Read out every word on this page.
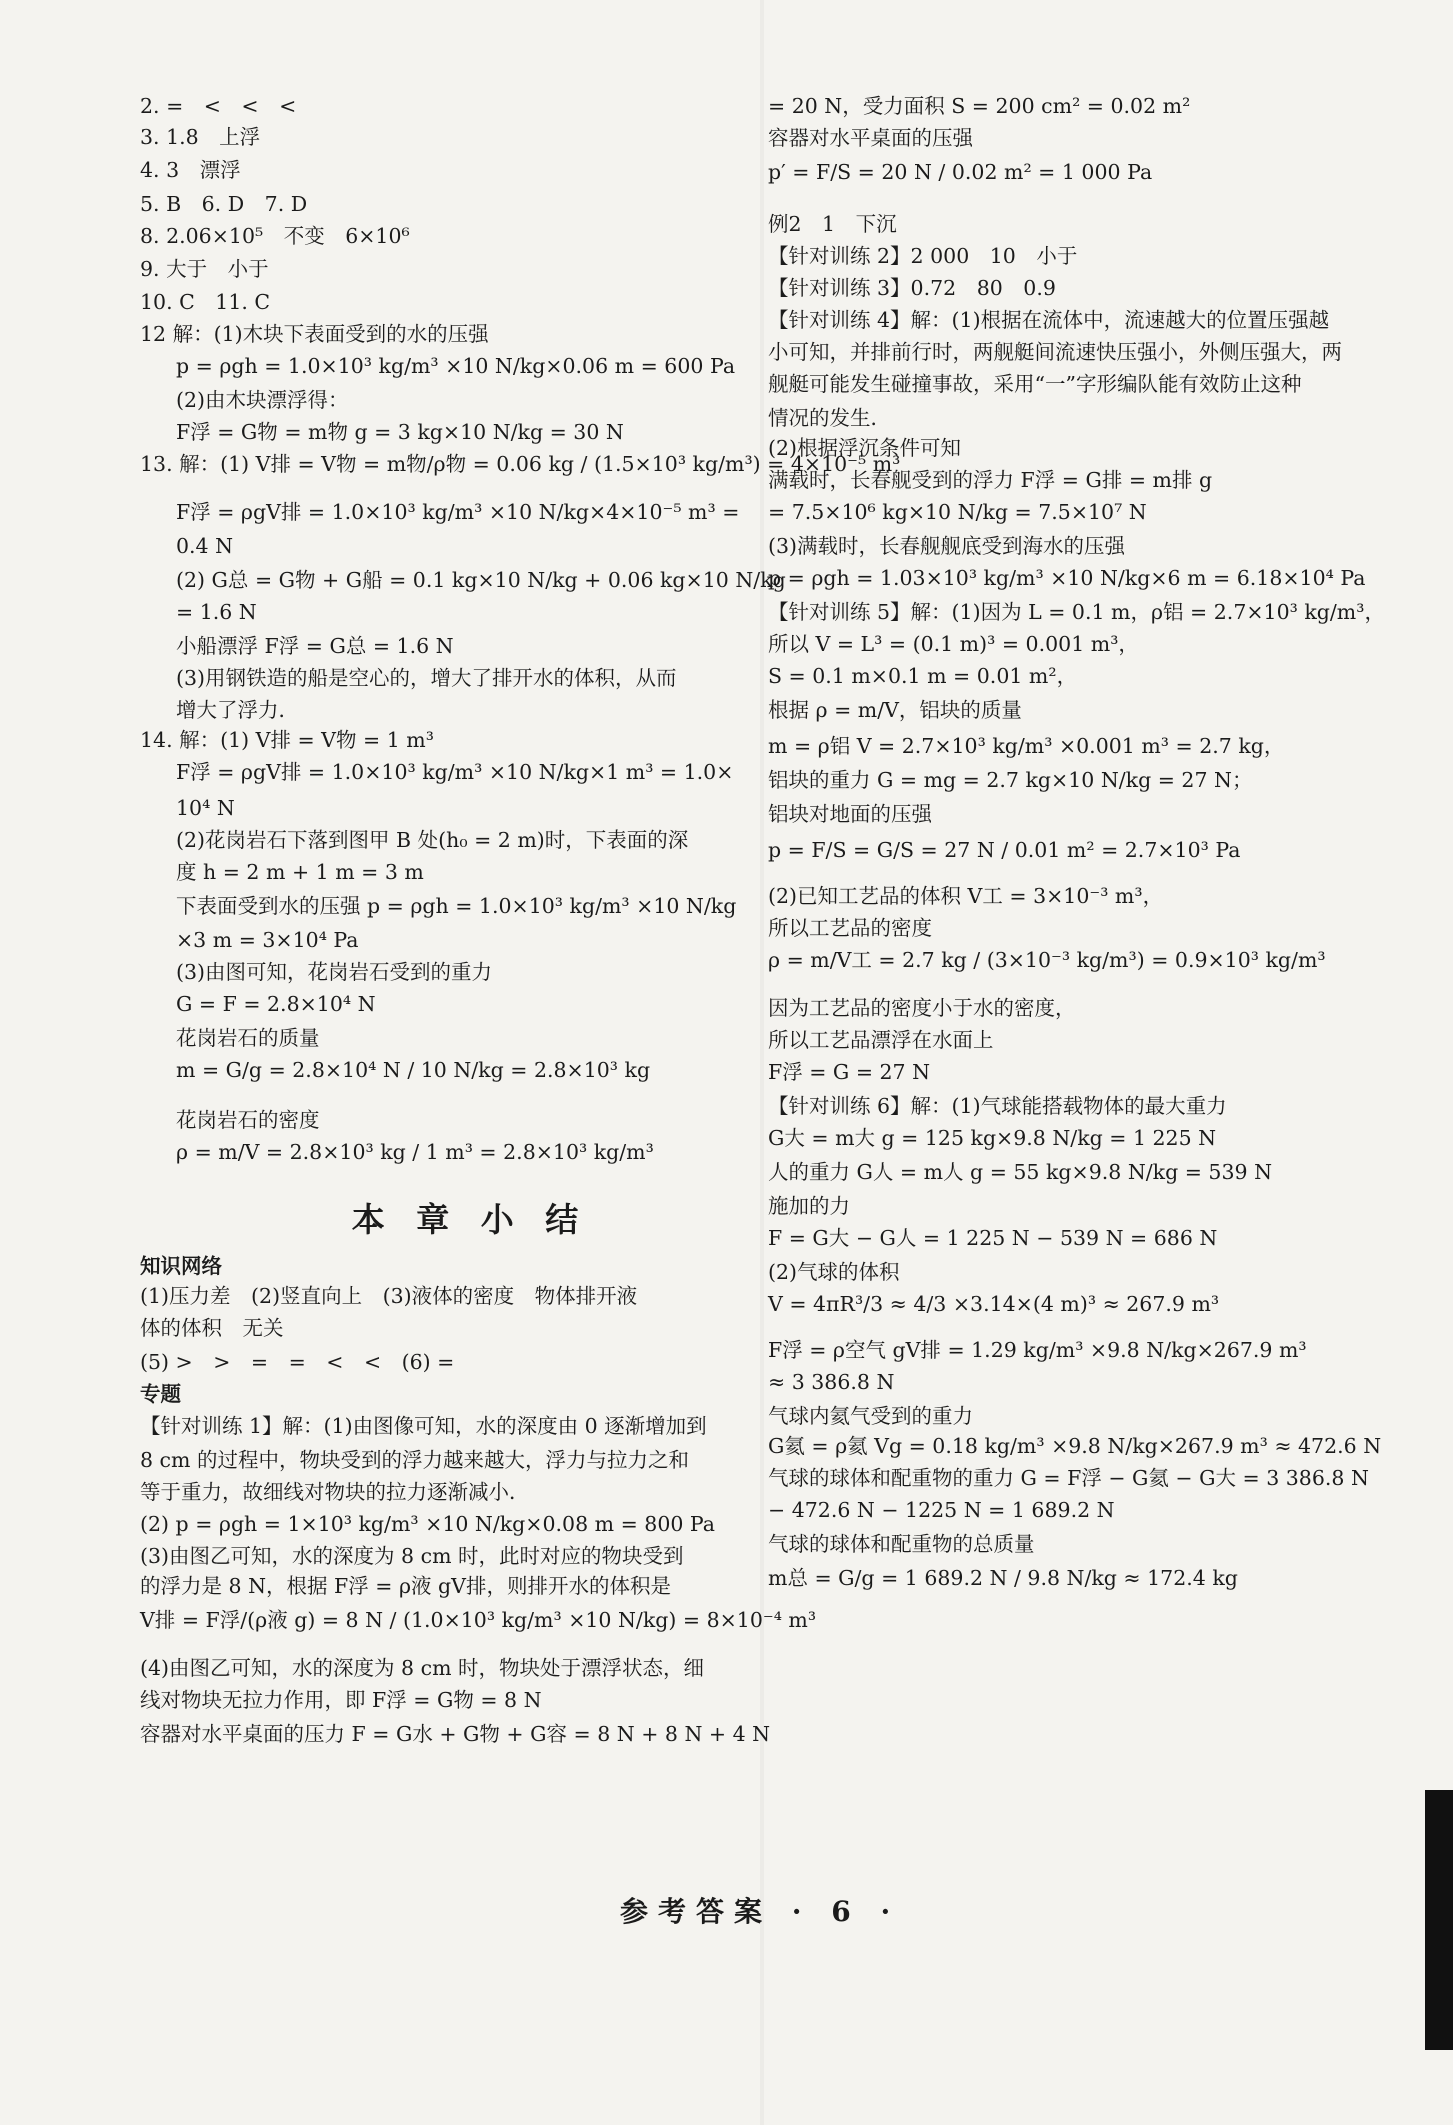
2. =　<　<　<
3. 1.8　上浮
4. 3　漂浮
5. B　6. D　7. D
8. 2.06×10⁵　不变　6×10⁶
9. 大于　小于
10. C　11. C
12 解：(1)木块下表面受到的水的压强
p = ρgh = 1.0×10³ kg/m³ ×10 N/kg×0.06 m = 600 Pa
(2)由木块漂浮得：
F浮 = G物 = m物 g = 3 kg×10 N/kg = 30 N
13. 解：(1) V排 = V物 = m物/ρ物 = 0.06 kg / (1.5×10³ kg/m³) = 4×10⁻⁵ m³
F浮 = ρgV排 = 1.0×10³ kg/m³ ×10 N/kg×4×10⁻⁵ m³ =
0.4 N
(2) G总 = G物 + G船 = 0.1 kg×10 N/kg + 0.06 kg×10 N/kg
= 1.6 N
小船漂浮 F浮 = G总 = 1.6 N
(3)用钢铁造的船是空心的，增大了排开水的体积，从而
增大了浮力．
14. 解：(1) V排 = V物 = 1 m³
F浮 = ρgV排 = 1.0×10³ kg/m³ ×10 N/kg×1 m³ = 1.0×
10⁴ N
(2)花岗岩石下落到图甲 B 处(h₀ = 2 m)时，下表面的深
度 h = 2 m + 1 m = 3 m
下表面受到水的压强 p = ρgh = 1.0×10³ kg/m³ ×10 N/kg
×3 m = 3×10⁴ Pa
(3)由图可知，花岗岩石受到的重力
G = F = 2.8×10⁴ N
花岗岩石的质量
m = G/g = 2.8×10⁴ N / 10 N/kg = 2.8×10³ kg
花岗岩石的密度
ρ = m/V = 2.8×10³ kg / 1 m³ = 2.8×10³ kg/m³
本 章 小 结
知识网络
(1)压力差　(2)竖直向上　(3)液体的密度　物体排开液
体的体积　无关
(5) >　>　=　=　<　<　(6) =
专题
【针对训练 1】解：(1)由图像可知，水的深度由 0 逐渐增加到
8 cm 的过程中，物块受到的浮力越来越大，浮力与拉力之和
等于重力，故细线对物块的拉力逐渐减小．
(2) p = ρgh = 1×10³ kg/m³ ×10 N/kg×0.08 m = 800 Pa
(3)由图乙可知，水的深度为 8 cm 时，此时对应的物块受到
的浮力是 8 N，根据 F浮 = ρ液 gV排，则排开水的体积是
V排 = F浮/(ρ液 g) = 8 N / (1.0×10³ kg/m³ ×10 N/kg) = 8×10⁻⁴ m³
(4)由图乙可知，水的深度为 8 cm 时，物块处于漂浮状态，细
线对物块无拉力作用，即 F浮 = G物 = 8 N
容器对水平桌面的压力 F = G水 + G物 + G容 = 8 N + 8 N + 4 N
= 20 N，受力面积 S = 200 cm² = 0.02 m²
容器对水平桌面的压强
p′ = F/S = 20 N / 0.02 m² = 1 000 Pa
例2　1　下沉
【针对训练 2】2 000　10　小于
【针对训练 3】0.72　80　0.9
【针对训练 4】解：(1)根据在流体中，流速越大的位置压强越
小可知，并排前行时，两舰艇间流速快压强小，外侧压强大，两
舰艇可能发生碰撞事故，采用“一”字形编队能有效防止这种
情况的发生．
(2)根据浮沉条件可知
满载时，长春舰受到的浮力 F浮 = G排 = m排 g
= 7.5×10⁶ kg×10 N/kg = 7.5×10⁷ N
(3)满载时，长春舰舰底受到海水的压强
p = ρgh = 1.03×10³ kg/m³ ×10 N/kg×6 m = 6.18×10⁴ Pa
【针对训练 5】解：(1)因为 L = 0.1 m，ρ铝 = 2.7×10³ kg/m³，
所以 V = L³ = (0.1 m)³ = 0.001 m³，
S = 0.1 m×0.1 m = 0.01 m²，
根据 ρ = m/V，铝块的质量
m = ρ铝 V = 2.7×10³ kg/m³ ×0.001 m³ = 2.7 kg，
铝块的重力 G = mg = 2.7 kg×10 N/kg = 27 N；
铝块对地面的压强
p = F/S = G/S = 27 N / 0.01 m² = 2.7×10³ Pa
(2)已知工艺品的体积 V工 = 3×10⁻³ m³，
所以工艺品的密度
ρ = m/V工 = 2.7 kg / (3×10⁻³ kg/m³) = 0.9×10³ kg/m³
因为工艺品的密度小于水的密度，
所以工艺品漂浮在水面上
F浮 = G = 27 N
【针对训练 6】解：(1)气球能搭载物体的最大重力
G大 = m大 g = 125 kg×9.8 N/kg = 1 225 N
人的重力 G人 = m人 g = 55 kg×9.8 N/kg = 539 N
施加的力
F = G大 − G人 = 1 225 N − 539 N = 686 N
(2)气球的体积
V = 4πR³/3 ≈ 4/3 ×3.14×(4 m)³ ≈ 267.9 m³
F浮 = ρ空气 gV排 = 1.29 kg/m³ ×9.8 N/kg×267.9 m³
≈ 3 386.8 N
气球内氦气受到的重力
G氦 = ρ氦 Vg = 0.18 kg/m³ ×9.8 N/kg×267.9 m³ ≈ 472.6 N
气球的球体和配重物的重力 G = F浮 − G氦 − G大 = 3 386.8 N
− 472.6 N − 1225 N = 1 689.2 N
气球的球体和配重物的总质量
m总 = G/g = 1 689.2 N / 9.8 N/kg ≈ 172.4 kg
参考答案 · 6 ·
